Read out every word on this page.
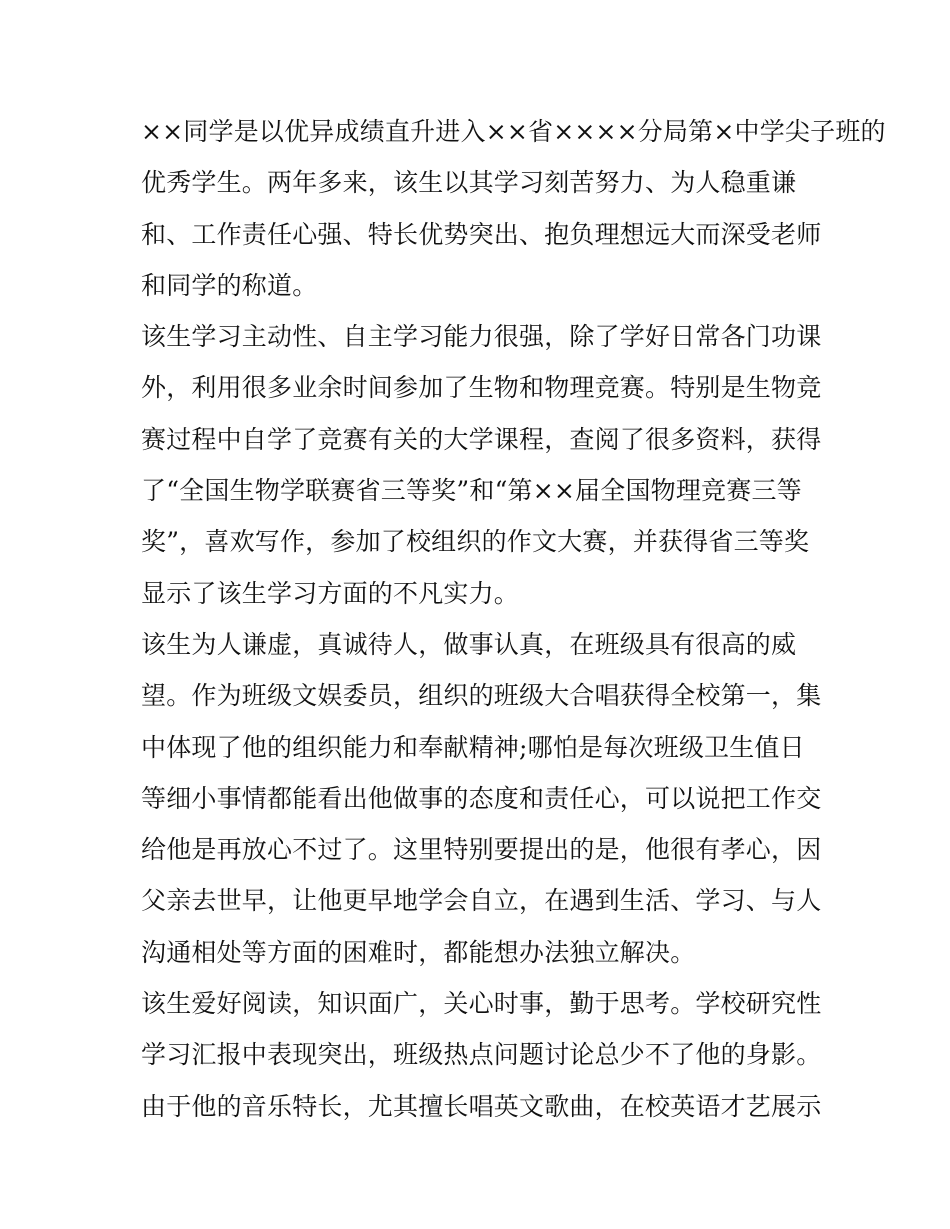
××同学是以优异成绩直升进入××省××××分局第×中学尖子班的
优秀学生。两年多来，该生以其学习刻苦努力、为人稳重谦
和、工作责任心强、特长优势突出、抱负理想远大而深受老师
和同学的称道。
该生学习主动性、自主学习能力很强，除了学好日常各门功课
外，利用很多业余时间参加了生物和物理竞赛。特别是生物竞
赛过程中自学了竞赛有关的大学课程，查阅了很多资料，获得
了“全国生物学联赛省三等奖”和“第××届全国物理竞赛三等
奖”，喜欢写作，参加了校组织的作文大赛，并获得省三等奖
显示了该生学习方面的不凡实力。
该生为人谦虚，真诚待人，做事认真，在班级具有很高的威
望。作为班级文娱委员，组织的班级大合唱获得全校第一，集
中体现了他的组织能力和奉献精神;哪怕是每次班级卫生值日
等细小事情都能看出他做事的态度和责任心，可以说把工作交
给他是再放心不过了。这里特别要提出的是，他很有孝心，因
父亲去世早，让他更早地学会自立，在遇到生活、学习、与人
沟通相处等方面的困难时，都能想办法独立解决。
该生爱好阅读，知识面广，关心时事，勤于思考。学校研究性
学习汇报中表现突出，班级热点问题讨论总少不了他的身影。
由于他的音乐特长，尤其擅长唱英文歌曲，在校英语才艺展示
